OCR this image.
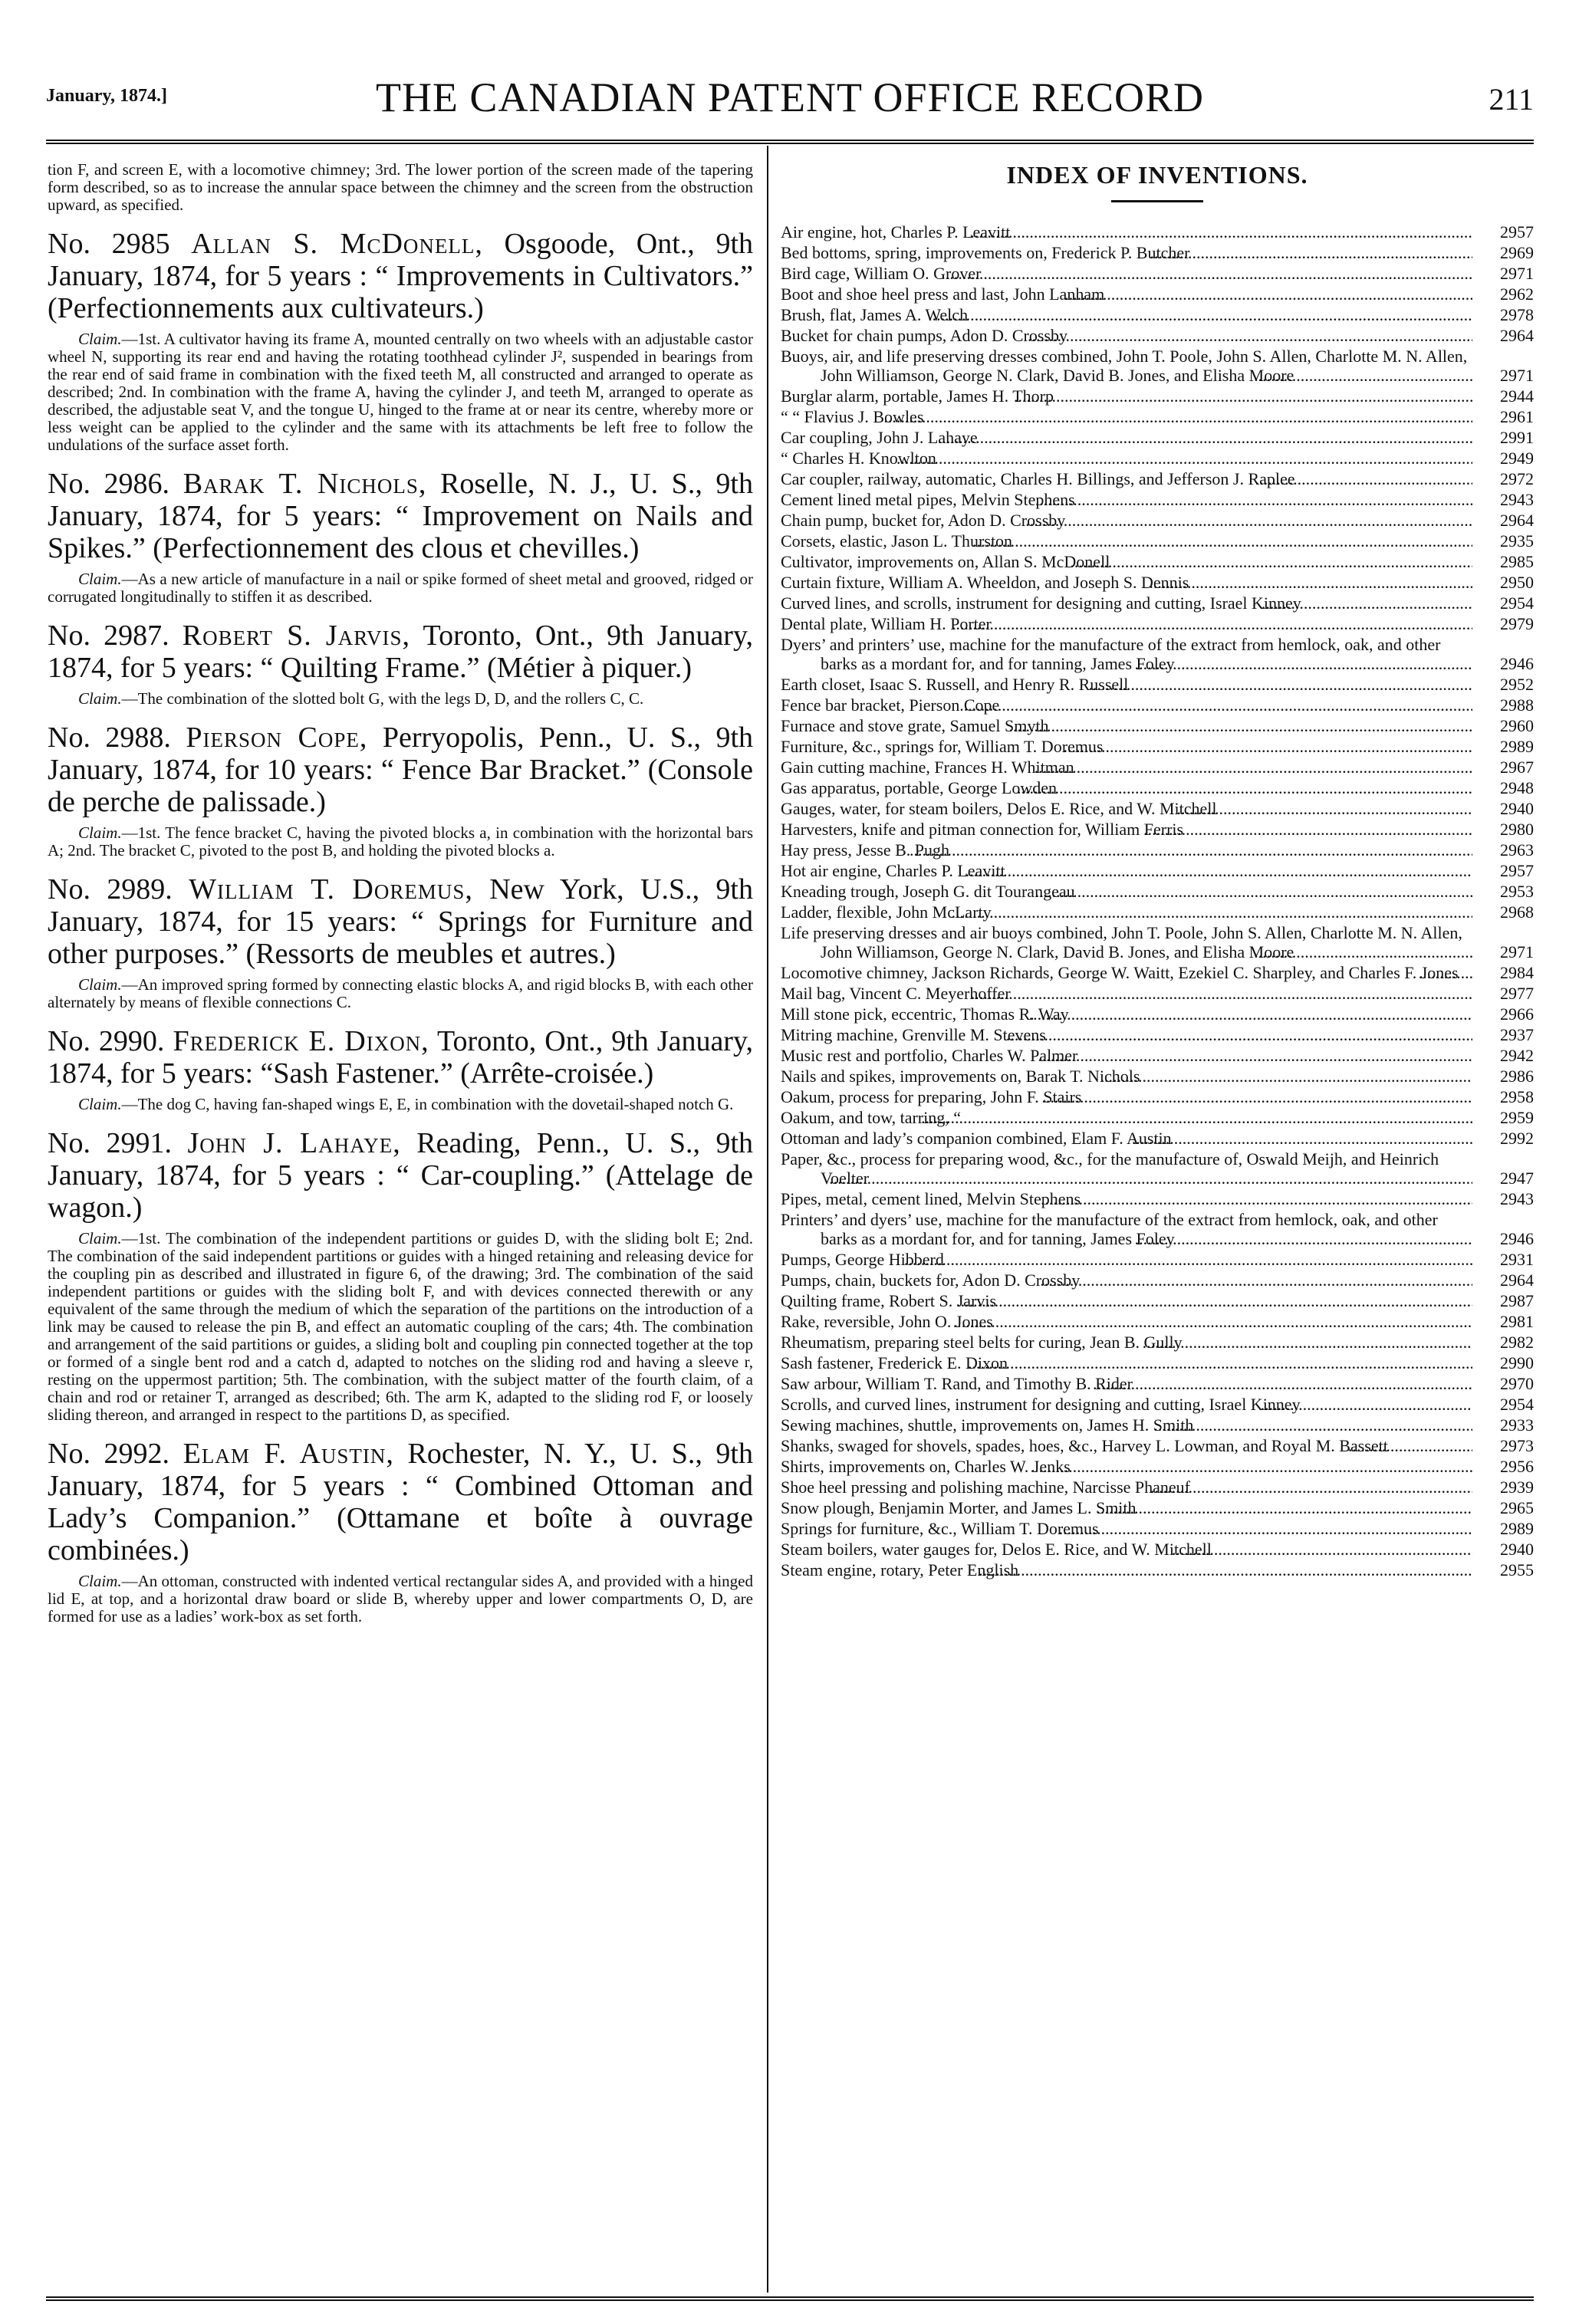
January, 1874.]	THE CANADIAN PATENT OFFICE RECORD	211

tion F, and screen E, with a locomotive chimney; 3rd. The lower portion of the screen made of the tapering form described, so as to increase the annular space between the chimney and the screen from the obstruction upward, as specified.

No. 2985 Allan S. McDonell, Osgoode, Ont., 9th January, 1874, for 5 years : “ Improvements in Cultivators.” (Perfectionnements aux cultivateurs.)

Claim.—1st. A cultivator having its frame A, mounted centrally on two wheels with an adjustable castor wheel N, supporting its rear end and having the rotating toothhead cylinder J², suspended in bearings from the rear end of said frame in combination with the fixed teeth M, all constructed and arranged to operate as described; 2nd. In combination with the frame A, having the cylinder J, and teeth M, arranged to operate as described, the adjustable seat V, and the tongue U, hinged to the frame at or near its centre, whereby more or less weight can be applied to the cylinder and the same with its attachments be left free to follow the undulations of the surface asset forth.

No. 2986. Barak T. Nichols, Roselle, N. J., U. S., 9th January, 1874, for 5 years: “ Improvement on Nails and Spikes.” (Perfectionnement des clous et chevilles.)

Claim.—As a new article of manufacture in a nail or spike formed of sheet metal and grooved, ridged or corrugated longitudinally to stiffen it as described.

No. 2987. Robert S. Jarvis, Toronto, Ont., 9th January, 1874, for 5 years: “ Quilting Frame.” (Métier à piquer.)

Claim.—The combination of the slotted bolt G, with the legs D, D, and the rollers C, C.

No. 2988. Pierson Cope, Perryopolis, Penn., U. S., 9th January, 1874, for 10 years: “ Fence Bar Bracket.” (Console de perche de palissade.)

Claim.—1st. The fence bracket C, having the pivoted blocks a, in combination with the horizontal bars A; 2nd. The bracket C, pivoted to the post B, and holding the pivoted blocks a.

No. 2989. William T. Doremus, New York, U.S., 9th January, 1874, for 15 years: “ Springs for Furniture and other purposes.” (Ressorts de meubles et autres.)

Claim.—An improved spring formed by connecting elastic blocks A, and rigid blocks B, with each other alternately by means of flexible connections C.

No. 2990. Frederick E. Dixon, Toronto, Ont., 9th January, 1874, for 5 years: “Sash Fastener.” (Arrête-croisée.)

Claim.—The dog C, having fan-shaped wings E, E, in combination with the dovetail-shaped notch G.

No. 2991. John J. Lahaye, Reading, Penn., U. S., 9th January, 1874, for 5 years : “ Car-coupling.” (Attelage de wagon.)

Claim.—1st. The combination of the independent partitions or guides D, with the sliding bolt E; 2nd. The combination of the said independent partitions or guides with a hinged retaining and releasing device for the coupling pin as described and illustrated in figure 6, of the drawing; 3rd. The combination of the said independent partitions or guides with the sliding bolt F, and with devices connected therewith or any equivalent of the same through the medium of which the separation of the partitions on the introduction of a link may be caused to release the pin B, and effect an automatic coupling of the cars; 4th. The combination and arrangement of the said partitions or guides, a sliding bolt and coupling pin connected together at the top or formed of a single bent rod and a catch d, adapted to notches on the sliding rod and having a sleeve r, resting on the uppermost partition; 5th. The combination, with the subject matter of the fourth claim, of a chain and rod or retainer T, arranged as described; 6th. The arm K, adapted to the sliding rod F, or loosely sliding thereon, and arranged in respect to the partitions D, as specified.

No. 2992. Elam F. Austin, Rochester, N. Y., U. S., 9th January, 1874, for 5 years : “ Combined Ottoman and Lady’s Companion.” (Ottamane et boîte à ouvrage combinées.)

Claim.—An ottoman, constructed with indented vertical rectangular sides A, and provided with a hinged lid E, at top, and a horizontal draw board or slide B, whereby upper and lower compartments O, D, are formed for use as a ladies’ work-box as set forth.

INDEX OF INVENTIONS.
Air engine, hot, Charles P. Leavitt .....	2957
Bed bottoms, spring, improvements on, Frederick P. Butcher .....	2969
Bird cage, William O. Grover .....	2971
Boot and shoe heel press and last, John Lanham .....	2962
Brush, flat, James A. Welch .....	2978
Bucket for chain pumps, Adon D. Crossby .....	2964
Buoys, air, and life preserving dresses combined, John T. Poole, John S. Allen, Charlotte M. N. Allen, John Williamson, George N. Clark, David B. Jones, and Elisha Moore .....	2971
Burglar alarm, portable, James H. Thorp .....	2944
“ “ Flavius J. Bowles .....	2961
Car coupling, John J. Lahaye .....	2991
“ Charles H. Knowlton .....	2949
Car coupler, railway, automatic, Charles H. Billings, and Jefferson J. Raplee .....	2972
Cement lined metal pipes, Melvin Stephens .....	2943
Chain pump, bucket for, Adon D. Crossby .....	2964
Corsets, elastic, Jason L. Thurston .....	2935
Cultivator, improvements on, Allan S. McDonell .....	2985
Curtain fixture, William A. Wheeldon, and Joseph S. Dennis .....	2950
Curved lines, and scrolls, instrument for designing and cutting, Israel Kinney .....	2954
Dental plate, William H. Porter .....	2979
Dyers’ and printers’ use, machine for the manufacture of the extract from hemlock, oak, and other barks as a mordant for, and for tanning, James Foley .....	2946
Earth closet, Isaac S. Russell, and Henry R. Russell .....	2952
Fence bar bracket, Pierson Cope .....	2988
Furnace and stove grate, Samuel Smyth .....	2960
Furniture, &c., springs for, William T. Doremus .....	2989
Gain cutting machine, Frances H. Whitman .....	2967
Gas apparatus, portable, George Lowden .....	2948
Gauges, water, for steam boilers, Delos E. Rice, and W. Mitchell .....	2940
Harvesters, knife and pitman connection for, William Ferris .....	2980
Hay press, Jesse B. Pugh .....	2963
Hot air engine, Charles P. Leavitt .....	2957
Kneading trough, Joseph G. dit Tourangeau .....	2953
Ladder, flexible, John McLarty .....	2968
Life preserving dresses and air buoys combined, John T. Poole, John S. Allen, Charlotte M. N. Allen, John Williamson, George N. Clark, David B. Jones, and Elisha Moore .....	2971
Locomotive chimney, Jackson Richards, George W. Waitt, Ezekiel C. Sharpley, and Charles F. Jones .....	2984
Mail bag, Vincent C. Meyerhoffer .....	2977
Mill stone pick, eccentric, Thomas R. Way .....	2966
Mitring machine, Grenville M. Stevens .....	2937
Music rest and portfolio, Charles W. Palmer .....	2942
Nails and spikes, improvements on, Barak T. Nichols .....	2986
Oakum, process for preparing, John F. Stairs .....	2958
Oakum, and tow, tarring, “ .....	2959
Ottoman and lady’s companion combined, Elam F. Austin .....	2992
Paper, &c., process for preparing wood, &c., for the manufacture of, Oswald Meijh, and Heinrich Voelter .....	2947
Pipes, metal, cement lined, Melvin Stephens .....	2943
Printers’ and dyers’ use, machine for the manufacture of the extract from hemlock, oak, and other barks as a mordant for, and for tanning, James Foley .....	2946
Pumps, George Hibberd .....	2931
Pumps, chain, buckets for, Adon D. Crossby .....	2964
Quilting frame, Robert S. Jarvis .....	2987
Rake, reversible, John O. Jones .....	2981
Rheumatism, preparing steel belts for curing, Jean B. Gully .....	2982
Sash fastener, Frederick E. Dixon .....	2990
Saw arbour, William T. Rand, and Timothy B. Rider .....	2970
Scrolls, and curved lines, instrument for designing and cutting, Israel Kinney .....	2954
Sewing machines, shuttle, improvements on, James H. Smith .....	2933
Shanks, swaged for shovels, spades, hoes, &c., Harvey L. Lowman, and Royal M. Bassett .....	2973
Shirts, improvements on, Charles W. Jenks .....	2956
Shoe heel pressing and polishing machine, Narcisse Phaneuf .....	2939
Snow plough, Benjamin Morter, and James L. Smith .....	2965
Springs for furniture, &c., William T. Doremus .....	2989
Steam boilers, water gauges for, Delos E. Rice, and W. Mitchell .....	2940
Steam engine, rotary, Peter English .....	2955
